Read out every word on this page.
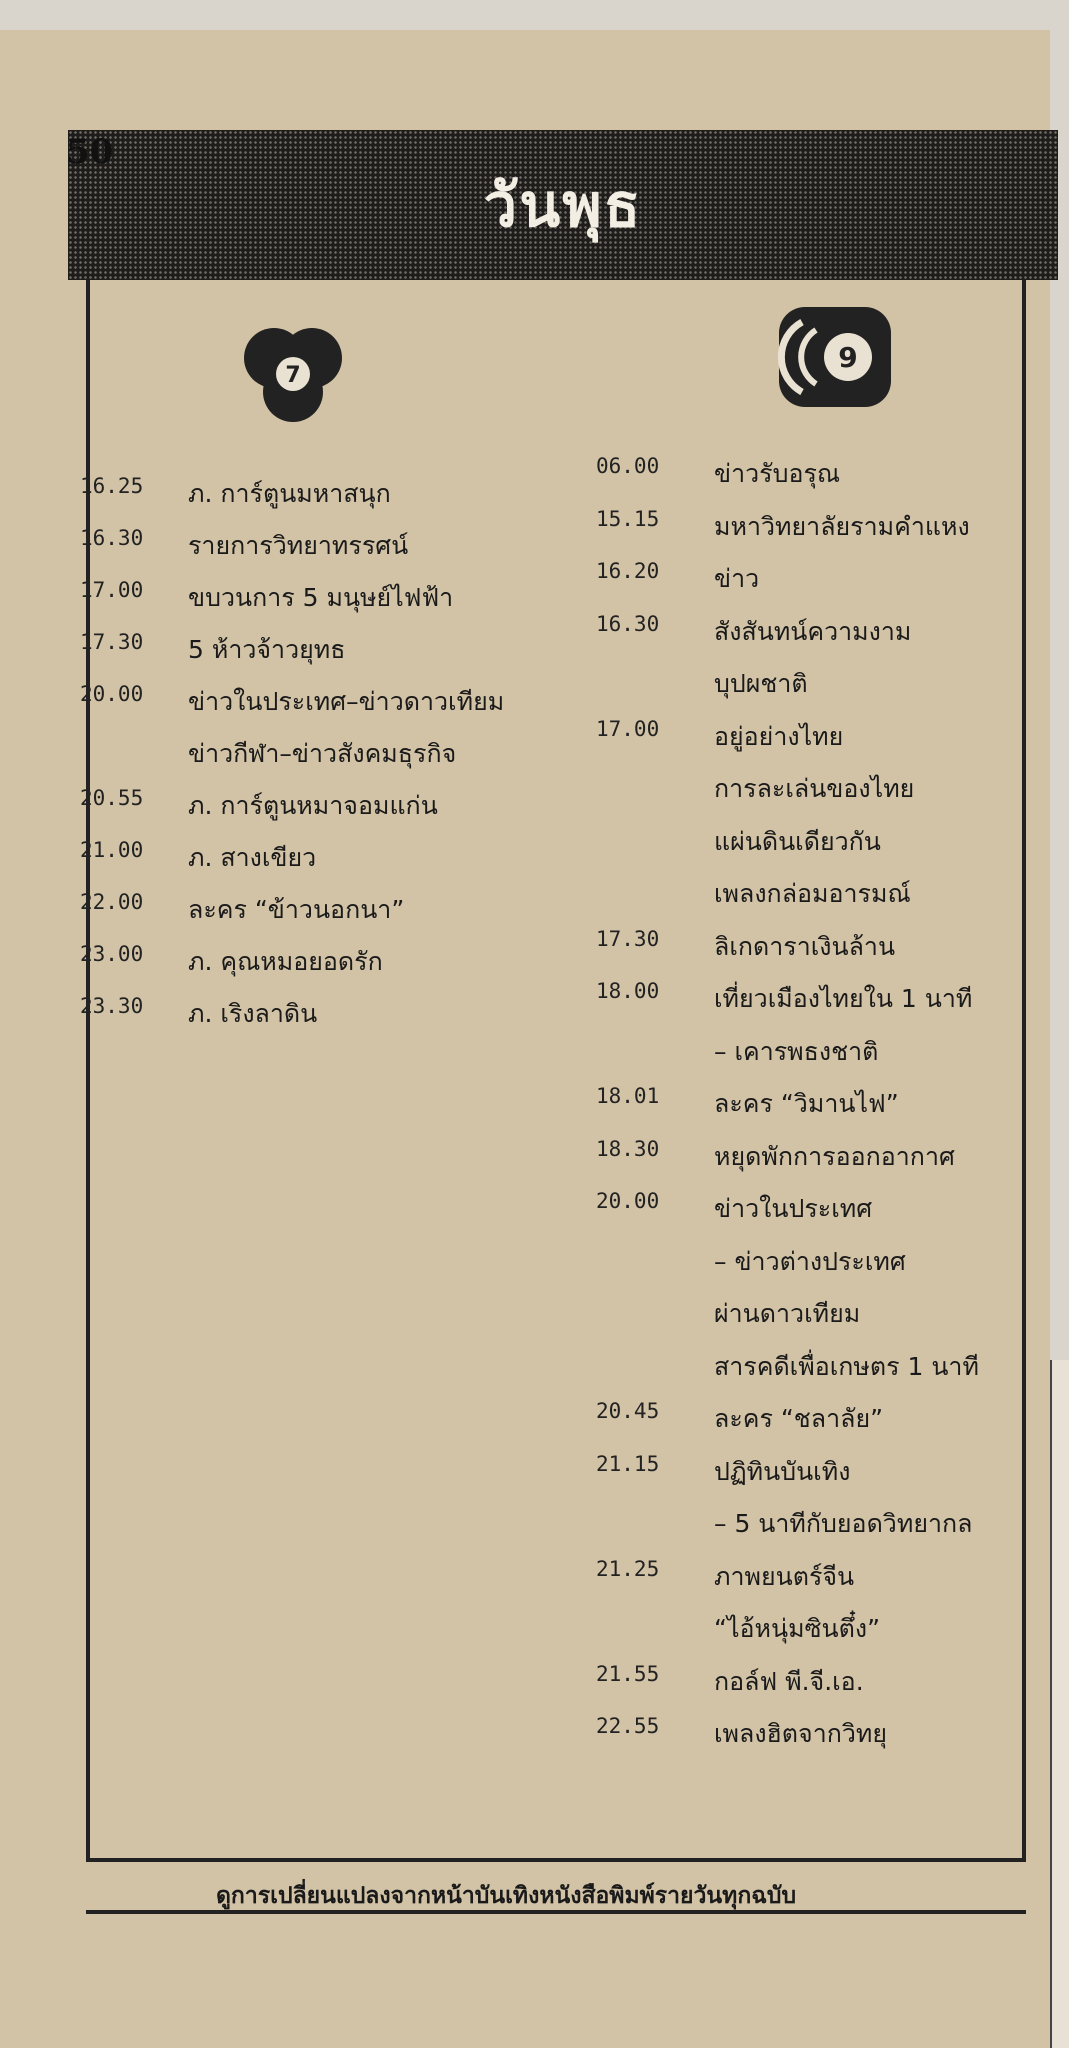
วันพุธ
50
7
9
16.25	ภ. การ์ตูนมหาสนุก
16.30	รายการวิทยาทรรศน์
17.00	ขบวนการ 5 มนุษย์ไฟฟ้า
17.30	5 ห้าวจ้าวยุทธ
20.00	ข่าวในประเทศ–ข่าวดาวเทียม
ข่าวกีฬา–ข่าวสังคมธุรกิจ
20.55	ภ. การ์ตูนหมาจอมแก่น
21.00	ภ. สางเขียว
22.00	ละคร “ข้าวนอกนา”
23.00	ภ. คุณหมอยอดรัก
23.30	ภ. เริงลาดิน
06.00	ข่าวรับอรุณ
15.15	มหาวิทยาลัยรามคำแหง
16.20	ข่าว
16.30	สังสันทน์ความงาม
บุปผชาติ
17.00	อยู่อย่างไทย
การละเล่นของไทย
แผ่นดินเดียวกัน
เพลงกล่อมอารมณ์
17.30	ลิเกดาราเงินล้าน
18.00	เที่ยวเมืองไทยใน 1 นาที
– เคารพธงชาติ
18.01	ละคร “วิมานไฟ”
18.30	หยุดพักการออกอากาศ
20.00	ข่าวในประเทศ
– ข่าวต่างประเทศ
ผ่านดาวเทียม
สารคดีเพื่อเกษตร 1 นาที
20.45	ละคร “ชลาลัย”
21.15	ปฏิทินบันเทิง
– 5 นาทีกับยอดวิทยากล
21.25	ภาพยนตร์จีน
“ไอ้หนุ่มซินตึ๋ง”
21.55	กอล์ฟ พี.จี.เอ.
22.55	เพลงฮิตจากวิทยุ
ดูการเปลี่ยนแปลงจากหน้าบันเทิงหนังสือพิมพ์รายวันทุกฉบับ
